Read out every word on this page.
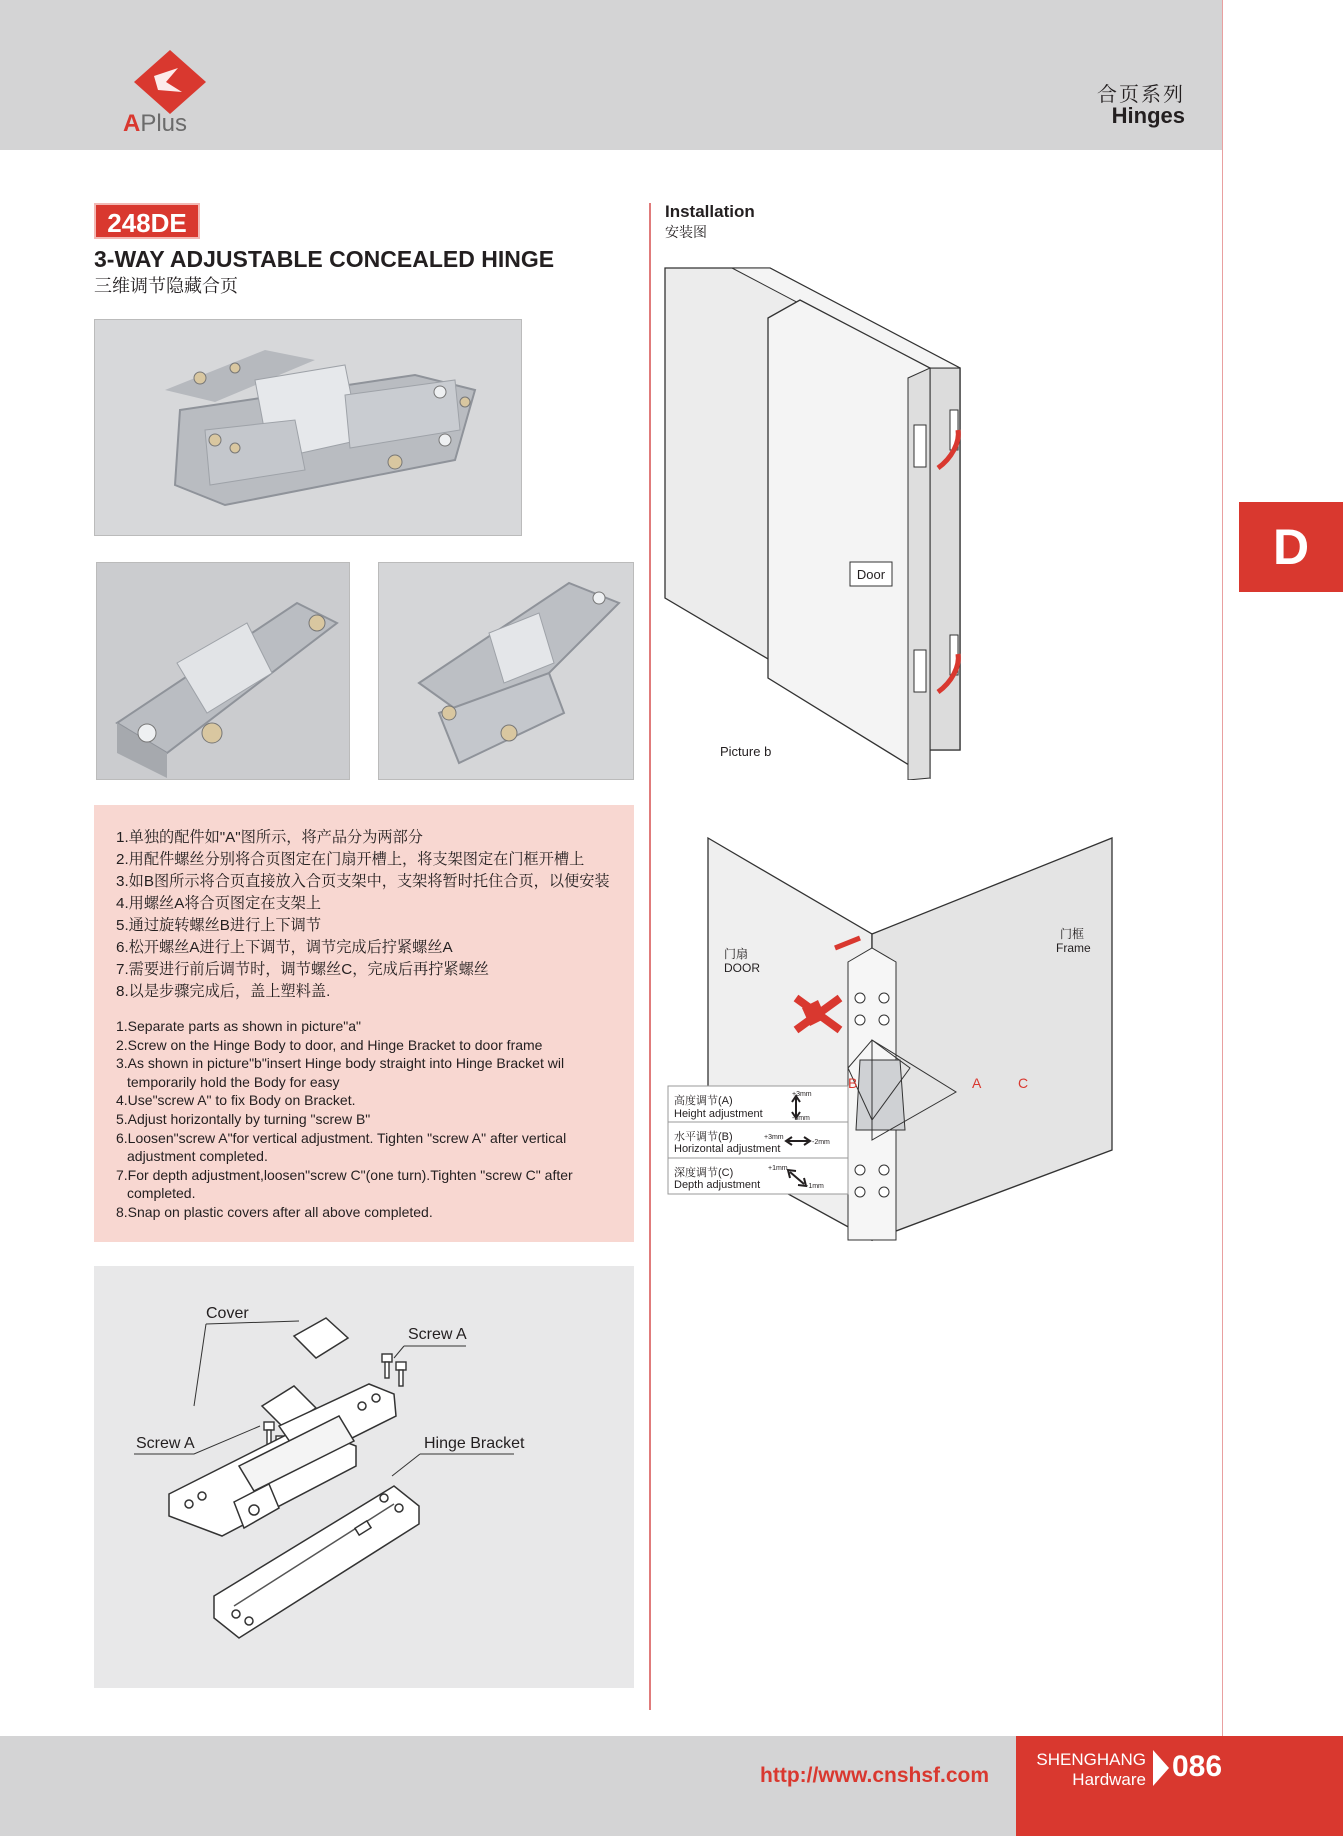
APlus
合页系列
Hinges
248DE
3-WAY ADJUSTABLE CONCEALED HINGE
三维调节隐藏合页
1.单独的配件如"A"图所示，将产品分为两部分
2.用配件螺丝分别将合页图定在门扇开槽上，将支架图定在门框开槽上
3.如B图所示将合页直接放入合页支架中，支架将暂时托住合页，以便安装
4.用螺丝A将合页图定在支架上
5.通过旋转螺丝B进行上下调节
6.松开螺丝A进行上下调节，调节完成后拧紧螺丝A
7.需要进行前后调节时，调节螺丝C，完成后再拧紧螺丝
8.以是步骤完成后，盖上塑料盖.
1.Separate parts as shown in picture"a"
2.Screw on the Hinge Body to door, and Hinge Bracket to door frame
3.As shown in picture"b"insert Hinge body straight into Hinge Bracket wil temporarily hold the Body for easy
4.Use"screw A" to fix Body on Bracket.
5.Adjust horizontally by turning "screw B"
6.Loosen"screw A"for vertical adjustment. Tighten "screw A" after vertical adjustment completed.
7.For depth adjustment,loosen"screw C"(one turn).Tighten "screw C" after completed.
8.Snap on plastic covers after all above completed.
Cover
Screw A
Screw A	Hinge Bracket
Installation
安装图
Door
Picture b
门扇
DOOR
门框
Frame
B	A	C
高度调节(A)
Height adjustment
+3mm
-3mm
水平调节(B)
Horizontal adjustment
+3mm
-2mm
深度调节(C)
Depth adjustment
+1mm
-1mm
D
http://www.cnshsf.com
SHENGHANG
Hardware 086
